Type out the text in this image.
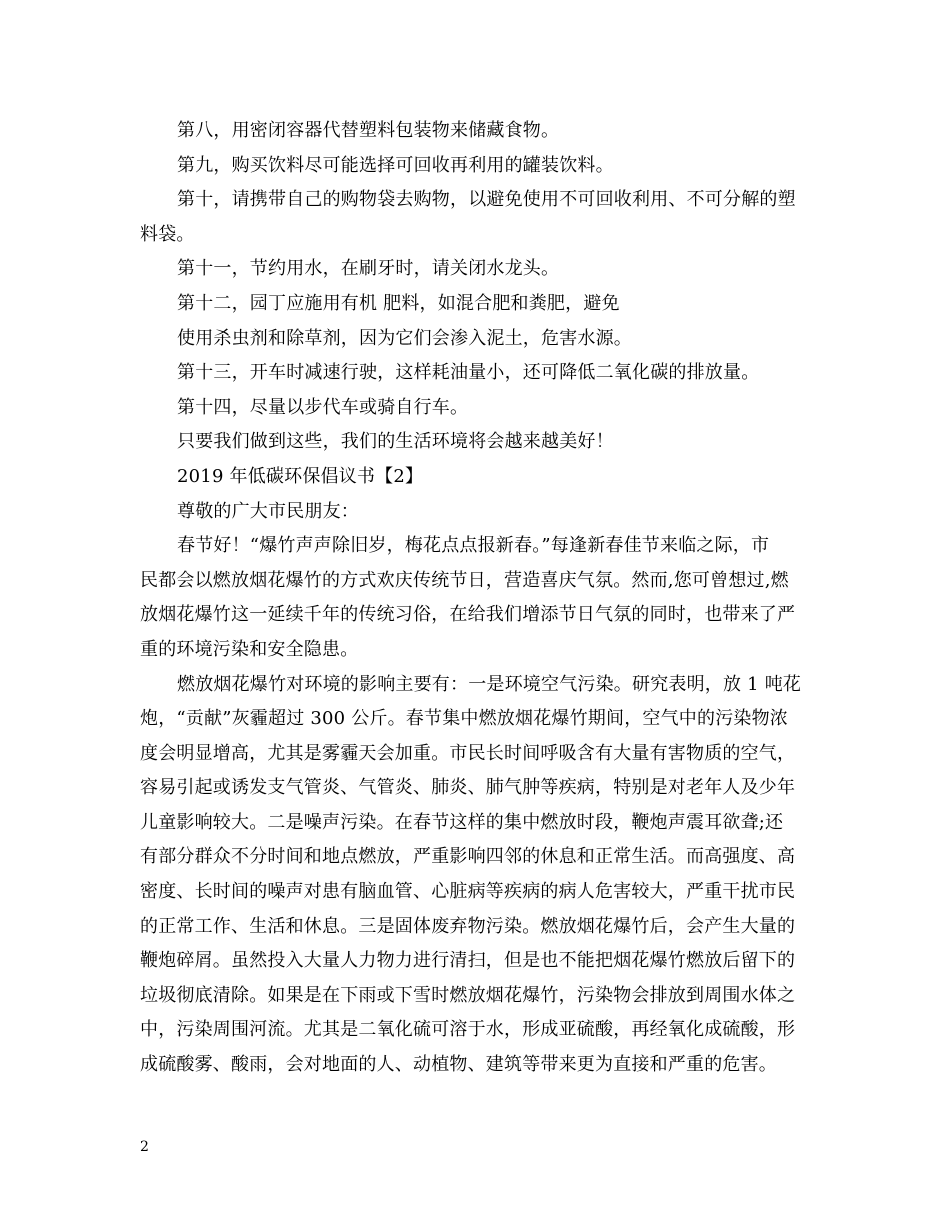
第八，用密闭容器代替塑料包装物来储藏食物。
第九，购买饮料尽可能选择可回收再利用的罐装饮料。
第十，请携带自己的购物袋去购物，以避免使用不可回收利用、不可分解的塑
料袋。
第十一，节约用水，在刷牙时，请关闭水龙头。
第十二，园丁应施用有机 肥料，如混合肥和粪肥，避免
使用杀虫剂和除草剂，因为它们会渗入泥土，危害水源。
第十三，开车时减速行驶，这样耗油量小，还可降低二氧化碳的排放量。
第十四，尽量以步代车或骑自行车。
只要我们做到这些，我们的生活环境将会越来越美好！
2019 年低碳环保倡议书【2】
尊敬的广大市民朋友：
春节好！“爆竹声声除旧岁，梅花点点报新春。”每逢新春佳节来临之际，市
民都会以燃放烟花爆竹的方式欢庆传统节日，营造喜庆气氛。然而,您可曾想过,燃
放烟花爆竹这一延续千年的传统习俗，在给我们增添节日气氛的同时，也带来了严
重的环境污染和安全隐患。
燃放烟花爆竹对环境的影响主要有：一是环境空气污染。研究表明，放 1 吨花
炮，“贡献”灰霾超过 300 公斤。春节集中燃放烟花爆竹期间，空气中的污染物浓
度会明显增高，尤其是雾霾天会加重。市民长时间呼吸含有大量有害物质的空气，
容易引起或诱发支气管炎、气管炎、肺炎、肺气肿等疾病，特别是对老年人及少年
儿童影响较大。二是噪声污染。在春节这样的集中燃放时段，鞭炮声震耳欲聋;还
有部分群众不分时间和地点燃放，严重影响四邻的休息和正常生活。而高强度、高
密度、长时间的噪声对患有脑血管、心脏病等疾病的病人危害较大，严重干扰市民
的正常工作、生活和休息。三是固体废弃物污染。燃放烟花爆竹后，会产生大量的
鞭炮碎屑。虽然投入大量人力物力进行清扫，但是也不能把烟花爆竹燃放后留下的
垃圾彻底清除。如果是在下雨或下雪时燃放烟花爆竹，污染物会排放到周围水体之
中，污染周围河流。尤其是二氧化硫可溶于水，形成亚硫酸，再经氧化成硫酸，形
成硫酸雾、酸雨，会对地面的人、动植物、建筑等带来更为直接和严重的危害。
2
